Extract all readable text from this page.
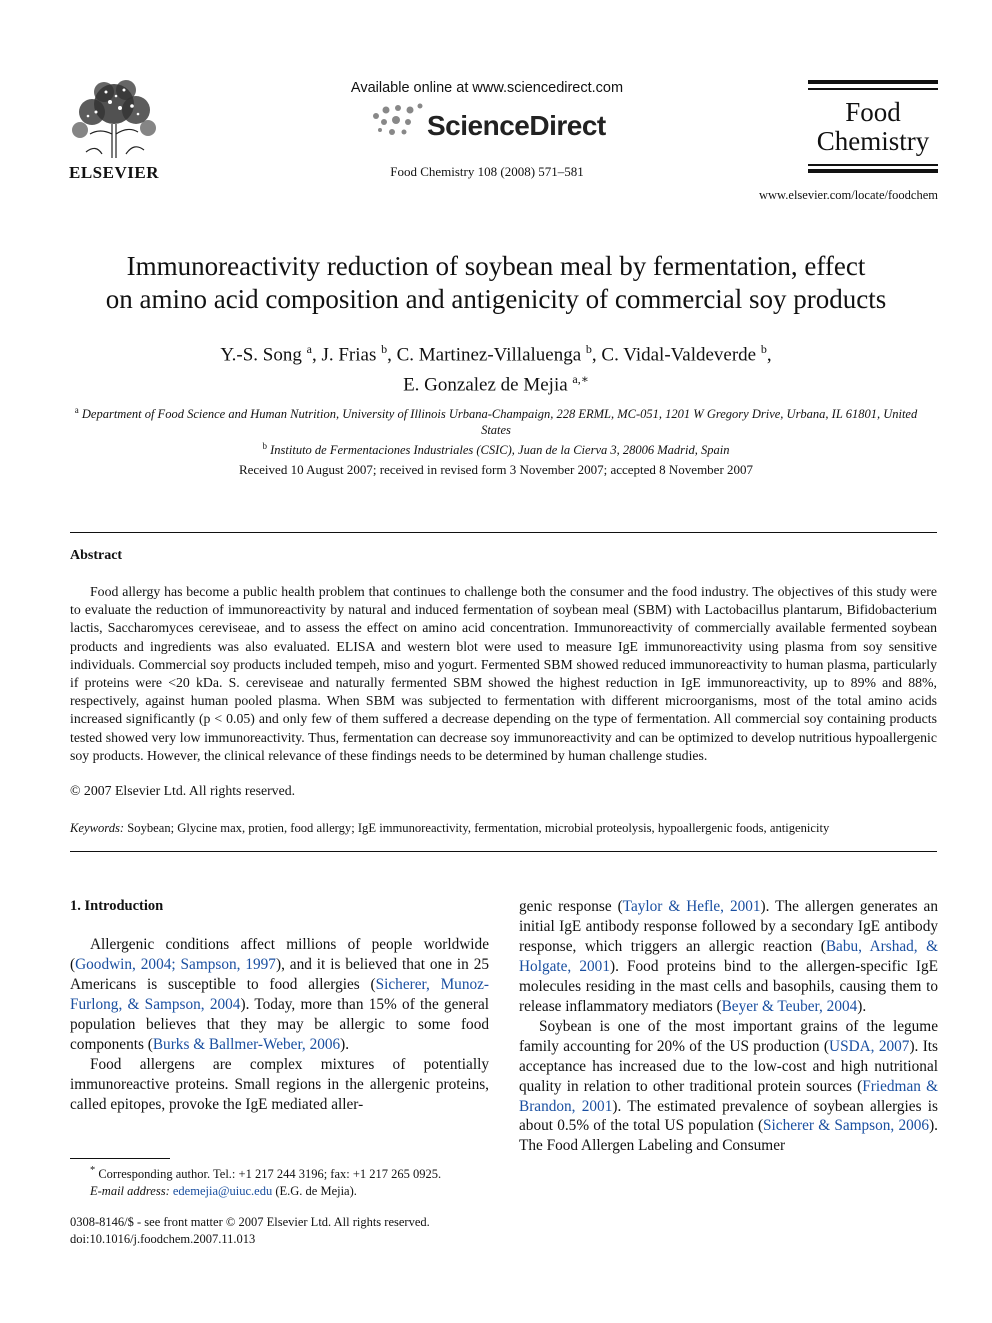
ELSEVIER
Available online at www.sciencedirect.com
ScienceDirect
Food Chemistry 108 (2008) 571–581
Food
Chemistry
www.elsevier.com/locate/foodchem
Immunoreactivity reduction of soybean meal by fermentation, effect
on amino acid composition and antigenicity of commercial soy products
Y.-S. Song $^a$, J. Frias $^b$, C. Martinez-Villaluenga $^b$, C. Vidal-Valdeverde $^b$,
E. Gonzalez de Mejia $^{a,∗}$
$^a$ Department of Food Science and Human Nutrition, University of Illinois Urbana-Champaign, 228 ERML, MC-051, 1201 W Gregory Drive, Urbana, IL 61801, United States
$^b$ Instituto de Fermentaciones Industriales (CSIC), Juan de la Cierva 3, 28006 Madrid, Spain
Received 10 August 2007; received in revised form 3 November 2007; accepted 8 November 2007
Abstract
Food allergy has become a public health problem that continues to challenge both the consumer and the food industry. The objectives of this study were to evaluate the reduction of immunoreactivity by natural and induced fermentation of soybean meal (SBM) with Lactobacillus plantarum, Bifidobacterium lactis, Saccharomyces cereviseae, and to assess the effect on amino acid concentration. Immunoreactivity of commercially available fermented soybean products and ingredients was also evaluated. ELISA and western blot were used to measure IgE immunoreactivity using plasma from soy sensitive individuals. Commercial soy products included tempeh, miso and yogurt. Fermented SBM showed reduced immunoreactivity to human plasma, particularly if proteins were <20 kDa. S. cereviseae and naturally fermented SBM showed the highest reduction in IgE immunoreactivity, up to 89% and 88%, respectively, against human pooled plasma. When SBM was subjected to fermentation with different microorganisms, most of the total amino acids increased significantly (p < 0.05) and only few of them suffered a decrease depending on the type of fermentation. All commercial soy containing products tested showed very low immunoreactivity. Thus, fermentation can decrease soy immunoreactivity and can be optimized to develop nutritious hypoallergenic soy products. However, the clinical relevance of these findings needs to be determined by human challenge studies.
© 2007 Elsevier Ltd. All rights reserved.
Keywords: Soybean; Glycine max, protien, food allergy; IgE immunoreactivity, fermentation, microbial proteolysis, hypoallergenic foods, antigenicity
1. Introduction

Allergenic conditions affect millions of people worldwide (Goodwin, 2004; Sampson, 1997), and it is believed that one in 25 Americans is susceptible to food allergies (Sicherer, Munoz-Furlong, & Sampson, 2004). Today, more than 15% of the general population believes that they may be allergic to some food components (Burks & Ballmer-Weber, 2006).

Food allergens are complex mixtures of potentially immunoreactive proteins. Small regions in the allergenic proteins, called epitopes, provoke the IgE mediated aller-

genic response (Taylor & Hefle, 2001). The allergen generates an initial IgE antibody response followed by a secondary IgE antibody response, which triggers an allergic reaction (Babu, Arshad, & Holgate, 2001). Food proteins bind to the allergen-specific IgE molecules residing in the mast cells and basophils, causing them to release inflammatory mediators (Beyer & Teuber, 2004).

Soybean is one of the most important grains of the legume family accounting for 20% of the US production (USDA, 2007). Its acceptance has increased due to the low-cost and high nutritional quality in relation to other traditional protein sources (Friedman & Brandon, 2001). The estimated prevalence of soybean allergies is about 0.5% of the total US population (Sicherer & Sampson, 2006). The Food Allergen Labeling and Consumer

* Corresponding author. Tel.: +1 217 244 3196; fax: +1 217 265 0925.
E-mail address: edemejia@uiuc.edu (E.G. de Mejia).
0308-8146/$ - see front matter © 2007 Elsevier Ltd. All rights reserved.
doi:10.1016/j.foodchem.2007.11.013
